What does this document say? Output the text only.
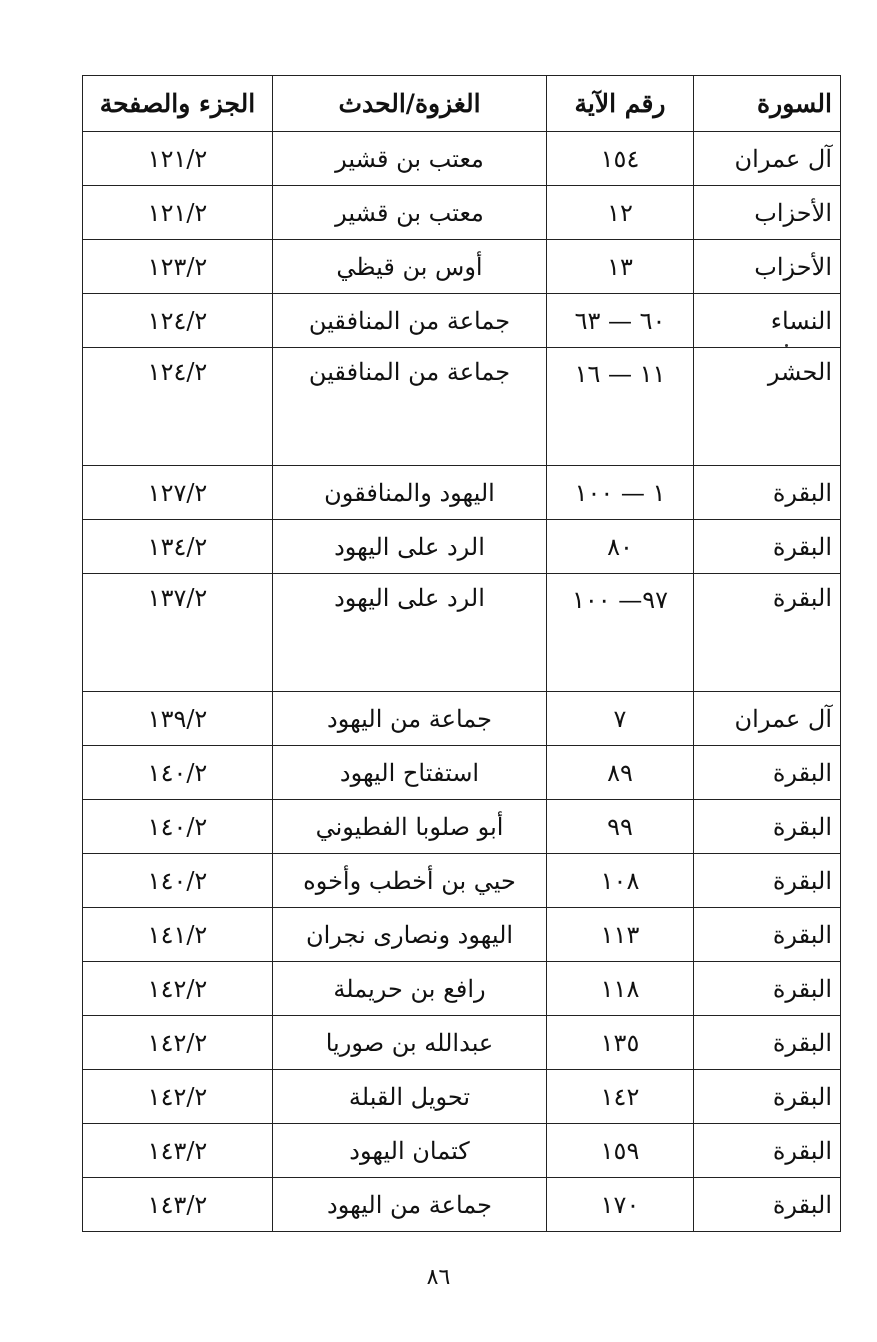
السورة	رقم الآية	الغزوة/الحدث	الجزء والصفحة
آل عمران	١٥٤	معتب بن قشير	١٢١/٢
الأحزاب	١٢	معتب بن قشير	١٢١/٢
الأحزاب	١٣	أوس بن قيظي	١٢٣/٢
النساء	٦٠ — ٦٣	جماعة من المنافقين	١٢٤/٢
الحشر	١١ — ١٦	جماعة من المنافقين	١٢٤/٢
البقرة	١ — ١٠٠	اليهود والمنافقون	١٢٧/٢
البقرة	٨٠	الرد على اليهود	١٣٤/٢
البقرة	٩٧— ١٠٠	الرد على اليهود	١٣٧/٢
آل عمران	٧	جماعة من اليهود	١٣٩/٢
البقرة	٨٩	استفتاح اليهود	١٤٠/٢
البقرة	٩٩	أبو صلوبا الفطيوني	١٤٠/٢
البقرة	١٠٨	حيي بن أخطب وأخوه	١٤٠/٢
البقرة	١١٣	اليهود ونصارى نجران	١٤١/٢
البقرة	١١٨	رافع بن حريملة	١٤٢/٢
البقرة	١٣٥	عبدالله بن صوريا	١٤٢/٢
البقرة	١٤٢	تحويل القبلة	١٤٢/٢
البقرة	١٥٩	كتمان اليهود	١٤٣/٢
البقرة	١٧٠	جماعة من اليهود	١٤٣/٢
٨٦
